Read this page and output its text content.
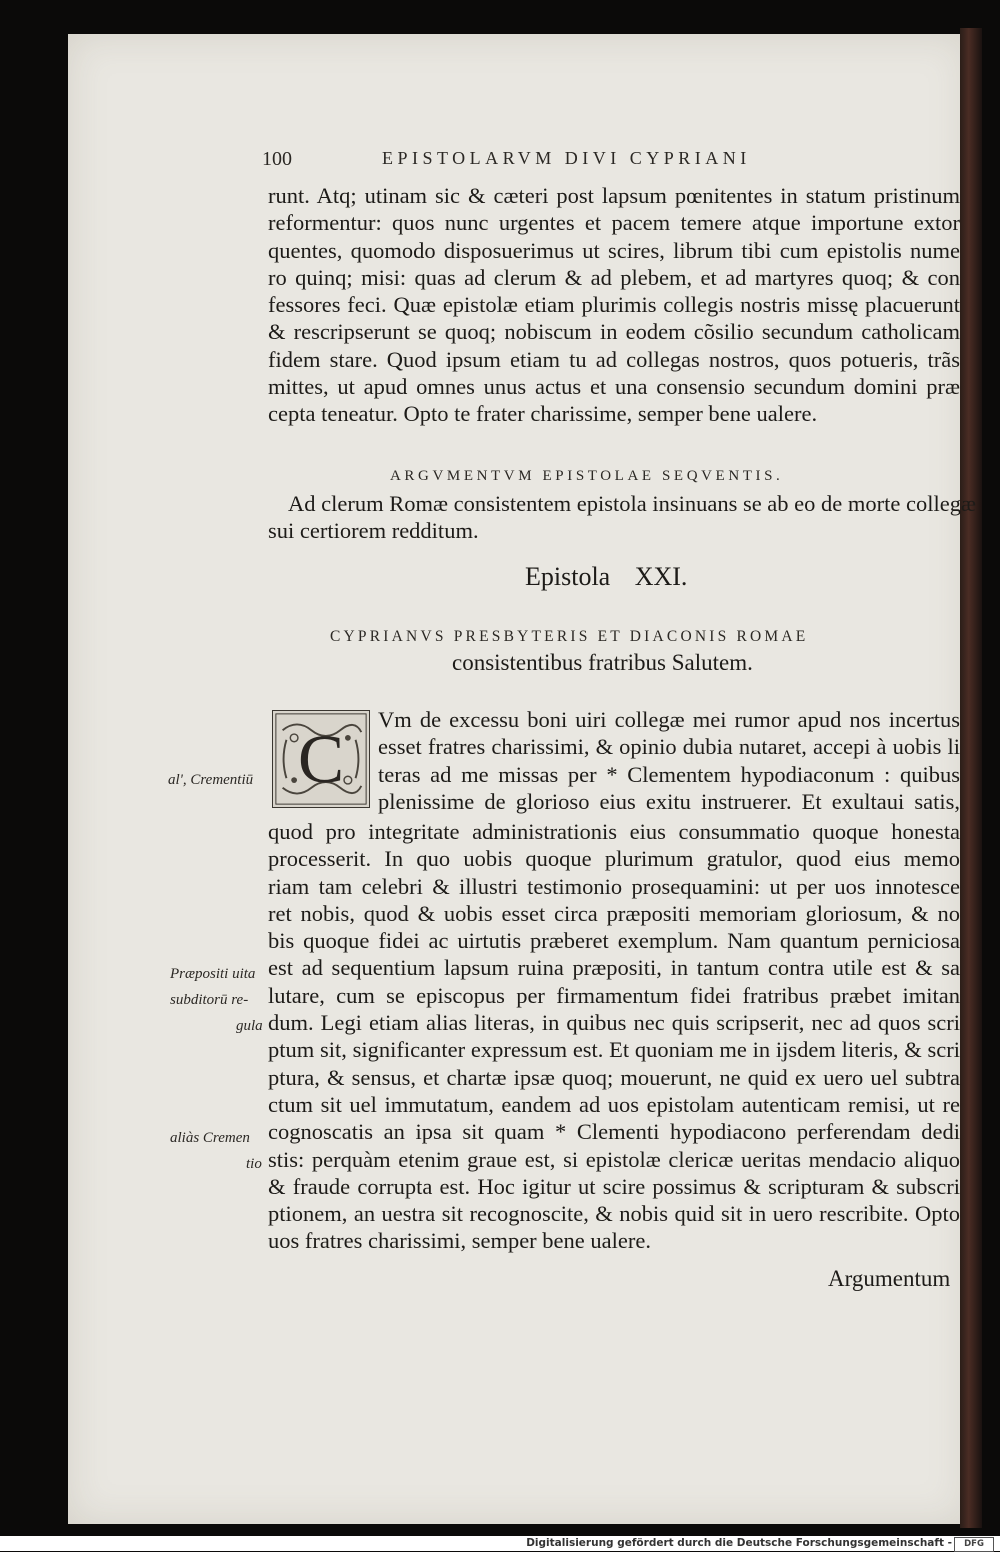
100	EPISTOLARVM DIVI CYPRIANI
runt. Atq; utinam sic & cæteri post lapsum pœnitentes in statum pristinum
reformentur: quos nunc urgentes et pacem temere atque importune extor
quentes, quomodo disposuerimus ut scires, librum tibi cum epistolis nume
ro quinq; misi: quas ad clerum & ad plebem, et ad martyres quoq; & con
fessores feci. Quæ epistolæ etiam plurimis collegis nostris missę placuerunt
& rescripserunt se quoq; nobiscum in eodem cõsilio secundum catholicam
fidem stare. Quod ipsum etiam tu ad collegas nostros, quos potueris, trãs
mittes, ut apud omnes unus actus et una consensio secundum domini præ
cepta teneatur. Opto te frater charissime, semper bene ualere.
ARGVMENTVM EPISTOLAE SEQVENTIS.
Ad clerum Romæ consistentem epistola insinuans se ab eo de morte collegæ
sui certiorem redditum.
Epistola XXI.
CYPRIANVS PRESBYTERIS ET DIACONIS ROMAE
consistentibus fratribus Salutem.
C
Vm de excessu boni uiri collegæ mei rumor apud nos incertus
esset fratres charissimi, & opinio dubia nutaret, accepi à uobis li
teras ad me missas per * Clementem hypodiaconum : quibus
plenissime de glorioso eius exitu instruerer. Et exultaui satis,
quod pro integritate administrationis eius consummatio quoque honesta
processerit. In quo uobis quoque plurimum gratulor, quod eius memo
riam tam celebri & illustri testimonio prosequamini: ut per uos innotesce
ret nobis, quod & uobis esset circa præpositi memoriam gloriosum, & no
bis quoque fidei ac uirtutis præberet exemplum. Nam quantum perniciosa
est ad sequentium lapsum ruina præpositi, in tantum contra utile est & sa
lutare, cum se episcopus per firmamentum fidei fratribus præbet imitan
dum. Legi etiam alias literas, in quibus nec quis scripserit, nec ad quos scri
ptum sit, significanter expressum est. Et quoniam me in ijsdem literis, & scri
ptura, & sensus, et chartæ ipsæ quoq; mouerunt, ne quid ex uero uel subtra
ctum sit uel immutatum, eandem ad uos epistolam autenticam remisi, ut re
cognoscatis an ipsa sit quam * Clementi hypodiacono perferendam dedi
stis: perquàm etenim graue est, si epistolæ clericæ ueritas mendacio aliquo
& fraude corrupta est. Hoc igitur ut scire possimus & scripturam & subscri
ptionem, an uestra sit recognoscite, & nobis quid sit in uero rescribite. Opto
uos fratres charissimi, semper bene ualere.
al', Crementiū
Præpositi uita
subditorū re-
gula
aliàs Cremen
tio
Argumentum
Digitalisierung gefördert durch die Deutsche Forschungsgemeinschaft -	DFG
